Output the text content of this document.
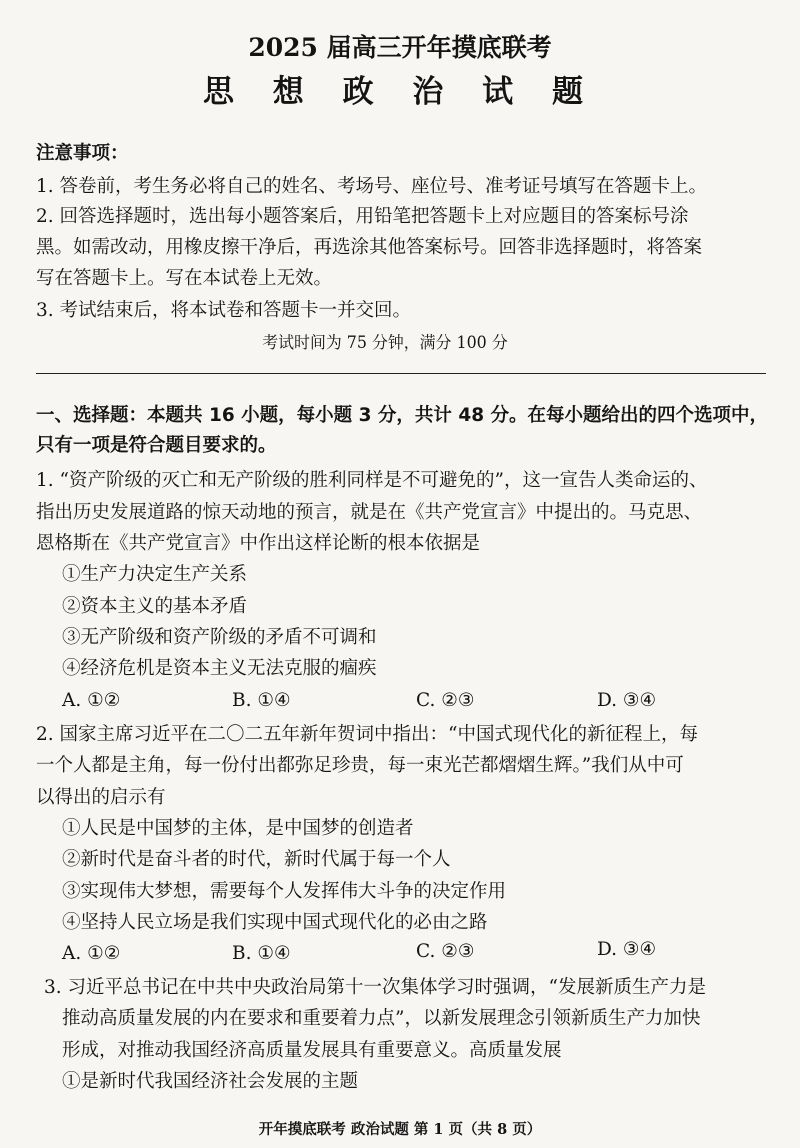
2025 届高三开年摸底联考
思 想 政 治 试 题
注意事项：
1. 答卷前，考生务必将自己的姓名、考场号、座位号、准考证号填写在答题卡上。
2. 回答选择题时，选出每小题答案后，用铅笔把答题卡上对应题目的答案标号涂
黑。如需改动，用橡皮擦干净后，再选涂其他答案标号。回答非选择题时，将答案
写在答题卡上。写在本试卷上无效。
3. 考试结束后，将本试卷和答题卡一并交回。
考试时间为 75 分钟，满分 100 分
一、选择题：本题共 16 小题，每小题 3 分，共计 48 分。在每小题给出的四个选项中，
只有一项是符合题目要求的。
1. “资产阶级的灭亡和无产阶级的胜利同样是不可避免的”，这一宣告人类命运的、
指出历史发展道路的惊天动地的预言，就是在《共产党宣言》中提出的。马克思、
恩格斯在《共产党宣言》中作出这样论断的根本依据是
①生产力决定生产关系
②资本主义的基本矛盾
③无产阶级和资产阶级的矛盾不可调和
④经济危机是资本主义无法克服的痼疾
A. ①②	B. ①④	C. ②③	D. ③④
2. 国家主席习近平在二〇二五年新年贺词中指出：“中国式现代化的新征程上，每
一个人都是主角，每一份付出都弥足珍贵，每一束光芒都熠熠生辉。”我们从中可
以得出的启示有
①人民是中国梦的主体，是中国梦的创造者
②新时代是奋斗者的时代，新时代属于每一个人
③实现伟大梦想，需要每个人发挥伟大斗争的决定作用
④坚持人民立场是我们实现中国式现代化的必由之路
A. ①②	B. ①④	C. ②③	D. ③④
3. 习近平总书记在中共中央政治局第十一次集体学习时强调，“发展新质生产力是
推动高质量发展的内在要求和重要着力点”，以新发展理念引领新质生产力加快
形成，对推动我国经济高质量发展具有重要意义。高质量发展
①是新时代我国经济社会发展的主题
开年摸底联考 政治试题 第 1 页（共 8 页）
